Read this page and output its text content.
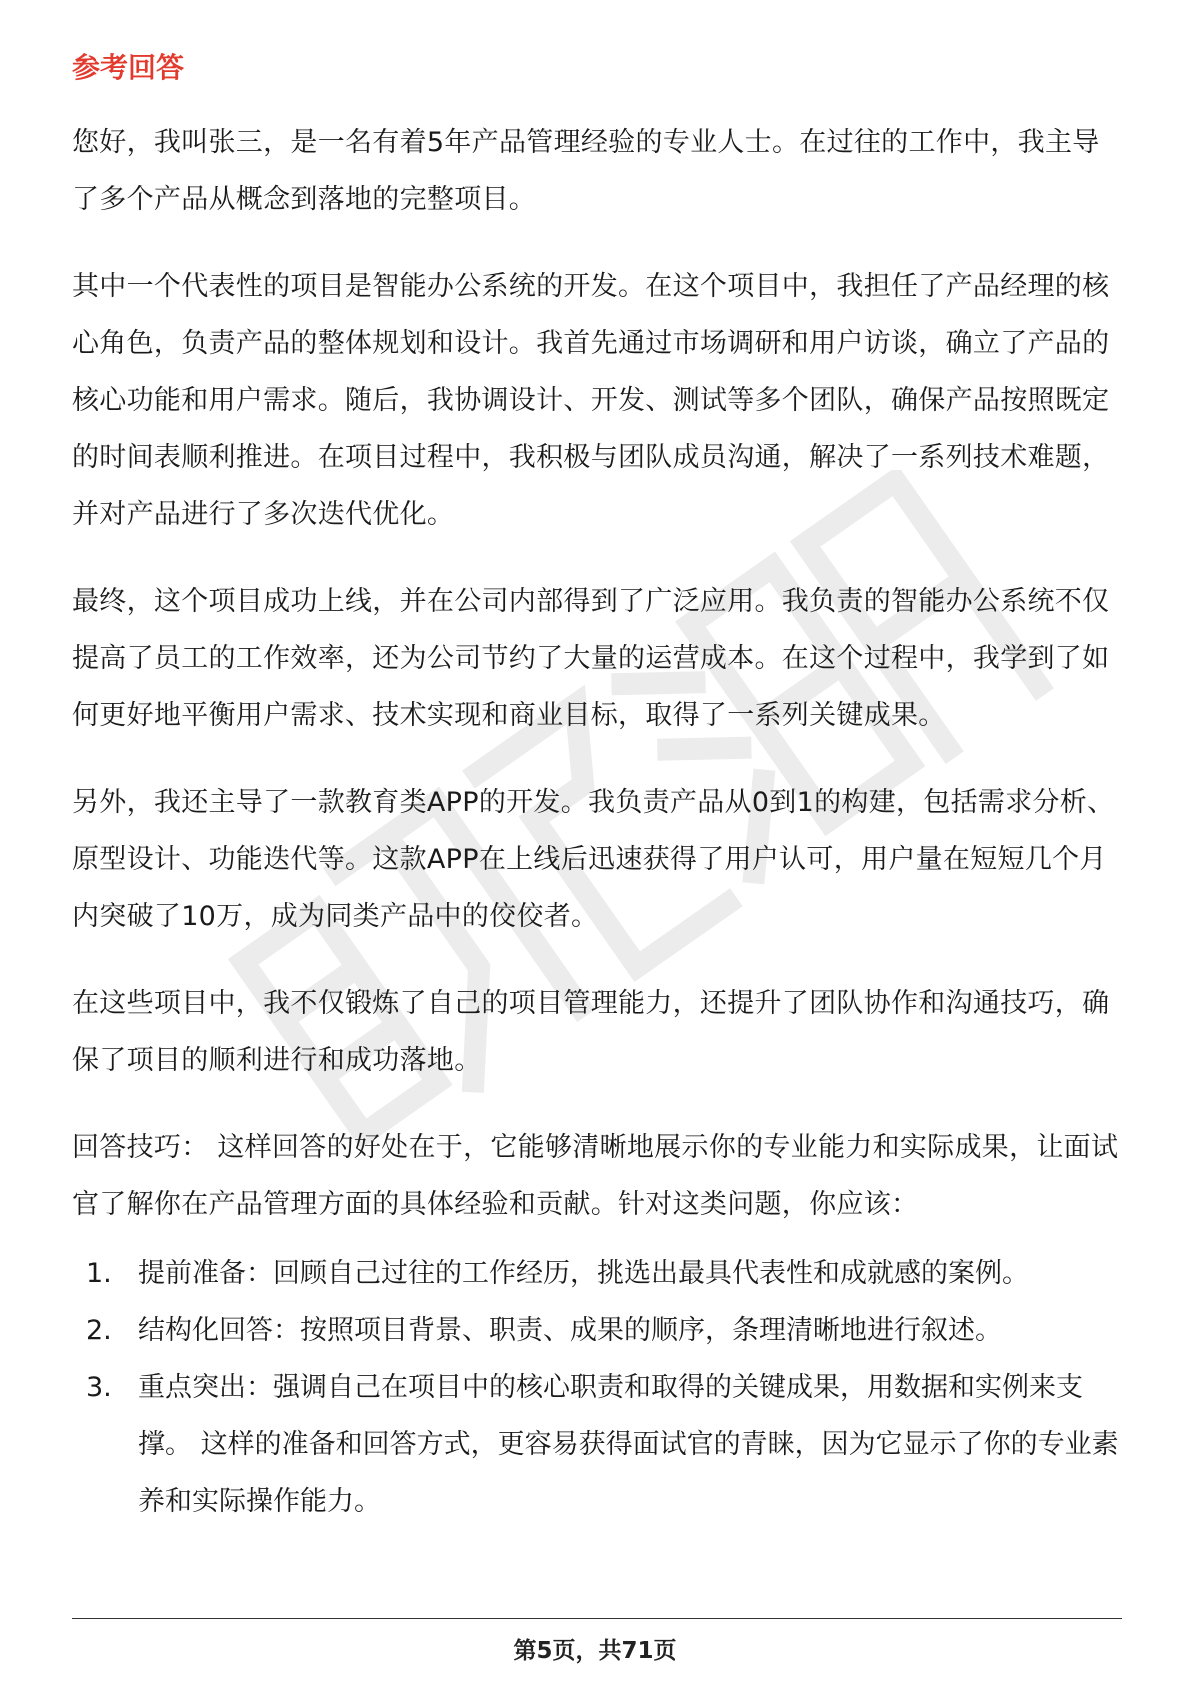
参考回答

您好，我叫张三，是一名有着5年产品管理经验的专业人士。在过往的工作中，我主导了多个产品从概念到落地的完整项目。

其中一个代表性的项目是智能办公系统的开发。在这个项目中，我担任了产品经理的核心角色，负责产品的整体规划和设计。我首先通过市场调研和用户访谈，确立了产品的核心功能和用户需求。随后，我协调设计、开发、测试等多个团队，确保产品按照既定的时间表顺利推进。在项目过程中，我积极与团队成员沟通，解决了一系列技术难题，并对产品进行了多次迭代优化。

最终，这个项目成功上线，并在公司内部得到了广泛应用。我负责的智能办公系统不仅提高了员工的工作效率，还为公司节约了大量的运营成本。在这个过程中，我学到了如何更好地平衡用户需求、技术实现和商业目标，取得了一系列关键成果。

另外，我还主导了一款教育类APP的开发。我负责产品从0到1的构建，包括需求分析、原型设计、功能迭代等。这款APP在上线后迅速获得了用户认可，用户量在短短几个月内突破了10万，成为同类产品中的佼佼者。

在这些项目中，我不仅锻炼了自己的项目管理能力，还提升了团队协作和沟通技巧，确保了项目的顺利进行和成功落地。

回答技巧： 这样回答的好处在于，它能够清晰地展示你的专业能力和实际成果，让面试官了解你在产品管理方面的具体经验和贡献。针对这类问题，你应该：

1. 提前准备：回顾自己过往的工作经历，挑选出最具代表性和成就感的案例。
2. 结构化回答：按照项目背景、职责、成果的顺序，条理清晰地进行叙述。
3. 重点突出：强调自己在项目中的核心职责和取得的关键成果，用数据和实例来支撑。 这样的准备和回答方式，更容易获得面试官的青睐，因为它显示了你的专业素养和实际操作能力。
第5页，共71页
